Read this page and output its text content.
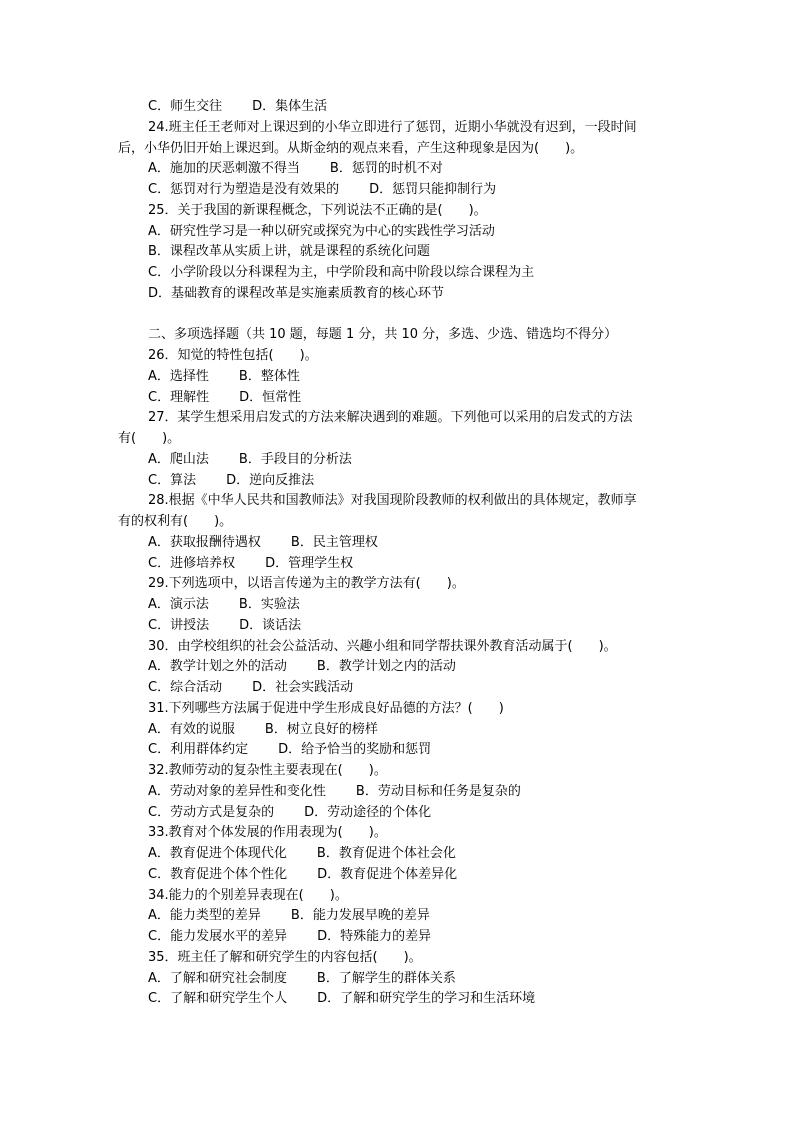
C．师生交往 D．集体生活
24.班主任王老师对上课迟到的小华立即进行了惩罚，近期小华就没有迟到，一段时间
后，小华仍旧开始上课迟到。从斯金纳的观点来看，产生这种现象是因为(　　)。
A．施加的厌恶刺激不得当 B．惩罚的时机不对
C．惩罚对行为塑造是没有效果的 D．惩罚只能抑制行为
25．关于我国的新课程概念，下列说法不正确的是(　　)。
A．研究性学习是一种以研究或探究为中心的实践性学习活动
B．课程改革从实质上讲，就是课程的系统化问题
C．小学阶段以分科课程为主，中学阶段和高中阶段以综合课程为主
D．基础教育的课程改革是实施素质教育的核心环节
二、多项选择题（共 10 题，每题 1 分，共 10 分，多选、少选、错选均不得分）
26．知觉的特性包括(　　)。
A．选择性 B．整体性
C．理解性 D．恒常性
27．某学生想采用启发式的方法来解决遇到的难题。下列他可以采用的启发式的方法
有(　　)。
A．爬山法 B．手段目的分析法
C．算法 D．逆向反推法
28.根据《中华人民共和国教师法》对我国现阶段教师的权利做出的具体规定，教师享
有的权利有(　　)。
A．获取报酬待遇权 B．民主管理权
C．进修培养权 D．管理学生权
29.下列选项中，以语言传递为主的教学方法有(　　)。
A．演示法 B．实验法
C．讲授法 D．谈话法
30．由学校组织的社会公益活动、兴趣小组和同学帮扶课外教育活动属于(　　)。
A．教学计划之外的活动 B．教学计划之内的活动
C．综合活动 D．社会实践活动
31.下列哪些方法属于促进中学生形成良好品德的方法？(　　)
A．有效的说服 B．树立良好的榜样
C．利用群体约定 D．给予恰当的奖励和惩罚
32.教师劳动的复杂性主要表现在(　　)。
A．劳动对象的差异性和变化性 B．劳动目标和任务是复杂的
C．劳动方式是复杂的 D．劳动途径的个体化
33.教育对个体发展的作用表现为(　　)。
A．教育促进个体现代化 B．教育促进个体社会化
C．教育促进个体个性化 D．教育促进个体差异化
34.能力的个别差异表现在(　　)。
A．能力类型的差异 B．能力发展早晚的差异
C．能力发展水平的差异 D．特殊能力的差异
35．班主任了解和研究学生的内容包括(　　)。
A．了解和研究社会制度 B．了解学生的群体关系
C．了解和研究学生个人 D．了解和研究学生的学习和生活环境
